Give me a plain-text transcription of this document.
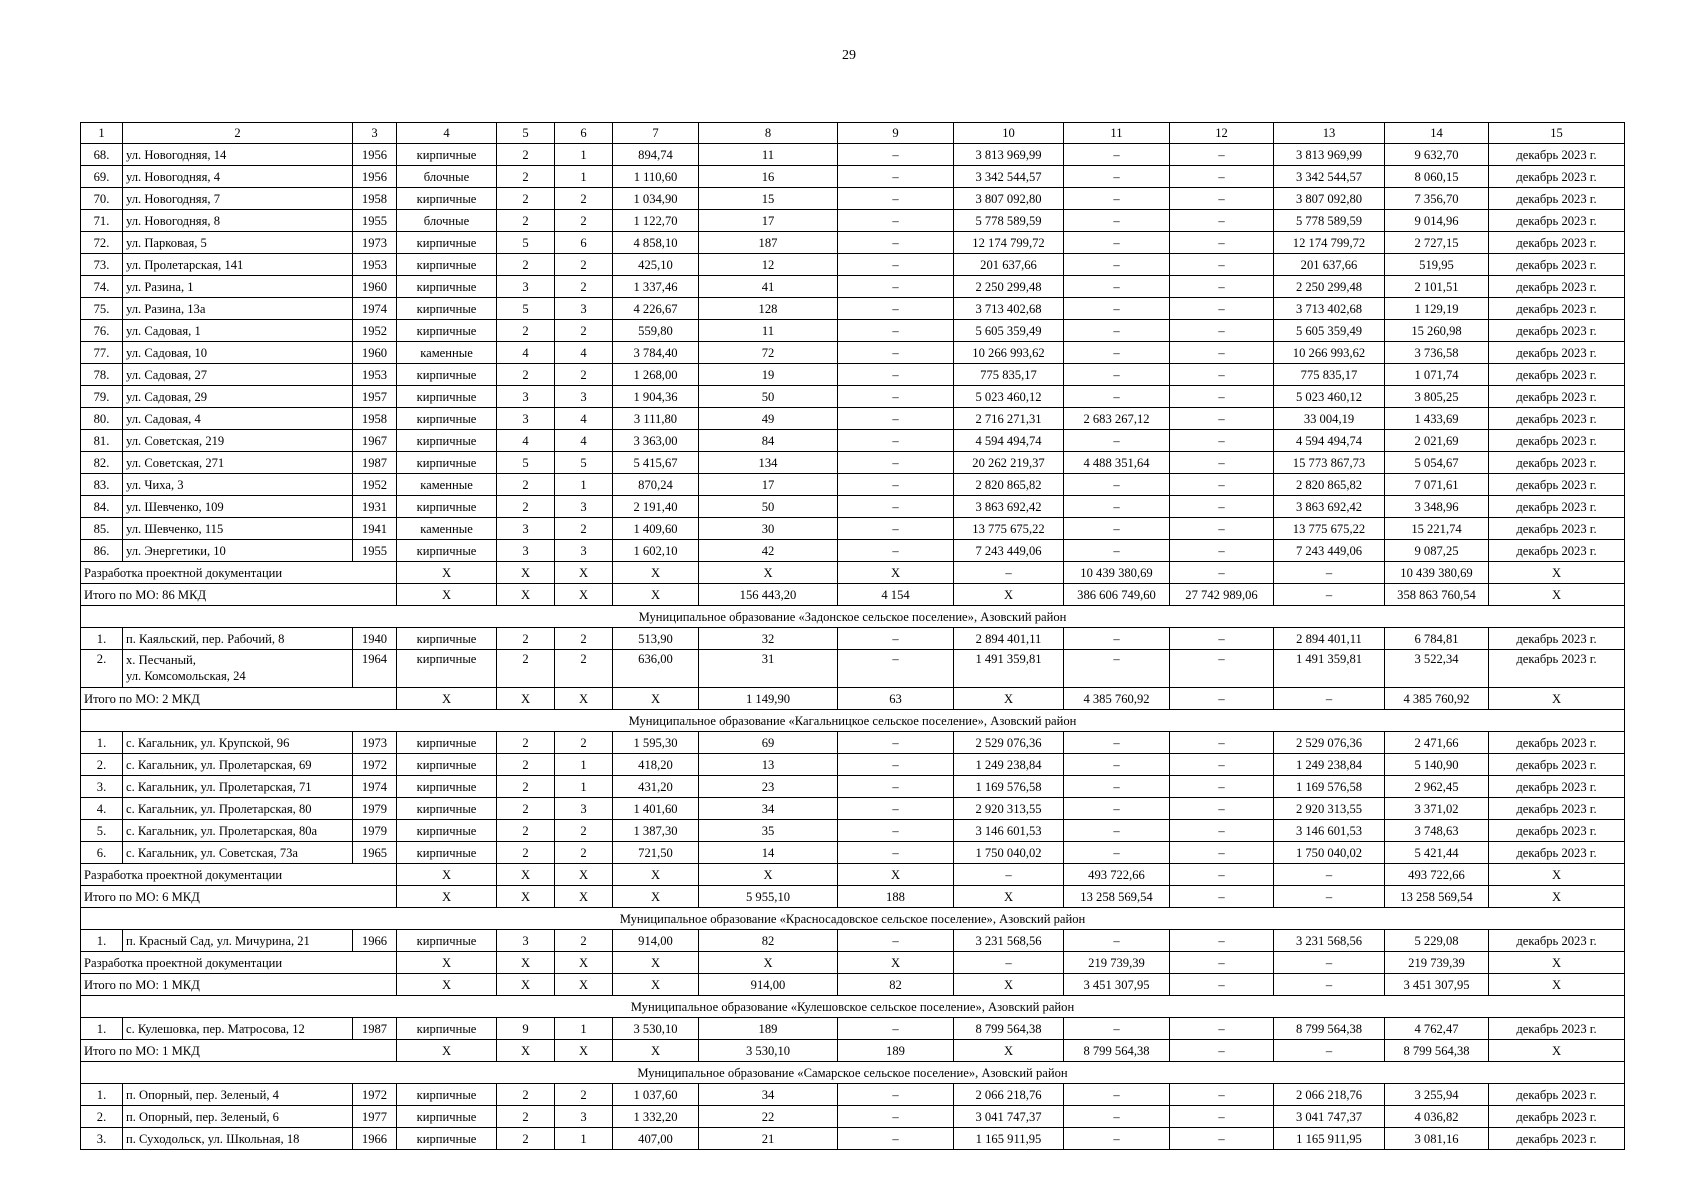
29
1	2	3	4	5	6	7	8	9	10	11	12	13	14	15	
68.	ул. Новогодняя, 14	1956	кирпичные	2	1	894,74	11	–	3 813 969,99	–	–	3 813 969,99	9 632,70	декабрь 2023 г.	
69.	ул. Новогодняя, 4	1956	блочные	2	1	1 110,60	16	–	3 342 544,57	–	–	3 342 544,57	8 060,15	декабрь 2023 г.	
70.	ул. Новогодняя, 7	1958	кирпичные	2	2	1 034,90	15	–	3 807 092,80	–	–	3 807 092,80	7 356,70	декабрь 2023 г.	
71.	ул. Новогодняя, 8	1955	блочные	2	2	1 122,70	17	–	5 778 589,59	–	–	5 778 589,59	9 014,96	декабрь 2023 г.	
72.	ул. Парковая, 5	1973	кирпичные	5	6	4 858,10	187	–	12 174 799,72	–	–	12 174 799,72	2 727,15	декабрь 2023 г.	
73.	ул. Пролетарская, 141	1953	кирпичные	2	2	425,10	12	–	201 637,66	–	–	201 637,66	519,95	декабрь 2023 г.	
74.	ул. Разина, 1	1960	кирпичные	3	2	1 337,46	41	–	2 250 299,48	–	–	2 250 299,48	2 101,51	декабрь 2023 г.	
75.	ул. Разина, 13а	1974	кирпичные	5	3	4 226,67	128	–	3 713 402,68	–	–	3 713 402,68	1 129,19	декабрь 2023 г.	
76.	ул. Садовая, 1	1952	кирпичные	2	2	559,80	11	–	5 605 359,49	–	–	5 605 359,49	15 260,98	декабрь 2023 г.	
77.	ул. Садовая, 10	1960	каменные	4	4	3 784,40	72	–	10 266 993,62	–	–	10 266 993,62	3 736,58	декабрь 2023 г.	
78.	ул. Садовая, 27	1953	кирпичные	2	2	1 268,00	19	–	775 835,17	–	–	775 835,17	1 071,74	декабрь 2023 г.	
79.	ул. Садовая, 29	1957	кирпичные	3	3	1 904,36	50	–	5 023 460,12	–	–	5 023 460,12	3 805,25	декабрь 2023 г.	
80.	ул. Садовая, 4	1958	кирпичные	3	4	3 111,80	49	–	2 716 271,31	2 683 267,12	–	33 004,19	1 433,69	декабрь 2023 г.	
81.	ул. Советская, 219	1967	кирпичные	4	4	3 363,00	84	–	4 594 494,74	–	–	4 594 494,74	2 021,69	декабрь 2023 г.	
82.	ул. Советская, 271	1987	кирпичные	5	5	5 415,67	134	–	20 262 219,37	4 488 351,64	–	15 773 867,73	5 054,67	декабрь 2023 г.	
83.	ул. Чиха, 3	1952	каменные	2	1	870,24	17	–	2 820 865,82	–	–	2 820 865,82	7 071,61	декабрь 2023 г.	
84.	ул. Шевченко, 109	1931	кирпичные	2	3	2 191,40	50	–	3 863 692,42	–	–	3 863 692,42	3 348,96	декабрь 2023 г.	
85.	ул. Шевченко, 115	1941	каменные	3	2	1 409,60	30	–	13 775 675,22	–	–	13 775 675,22	15 221,74	декабрь 2023 г.	
86.	ул. Энергетики, 10	1955	кирпичные	3	3	1 602,10	42	–	7 243 449,06	–	–	7 243 449,06	9 087,25	декабрь 2023 г.	
Разработка проектной документации			X	X	X	X	X	X	–	10 439 380,69	–	–	10 439 380,69	X	
Итого по МО: 86 МКД			X	X	X	X	156 443,20	4 154	X	386 606 749,60	27 742 989,06	–	358 863 760,54	X	
Муниципальное образование «Задонское сельское поселение», Азовский район															
1.	п. Каяльский, пер. Рабочий, 8	1940	кирпичные	2	2	513,90	32	–	2 894 401,11	–	–	2 894 401,11	6 784,81	декабрь 2023 г.	
2.	х. Песчаный,
ул. Комсомольская, 24	1964	кирпичные	2	2	636,00	31	–	1 491 359,81	–	–	1 491 359,81	3 522,34	декабрь 2023 г.	
Итого по МО: 2 МКД			X	X	X	X	1 149,90	63	X	4 385 760,92	–	–	4 385 760,92	X	
Муниципальное образование «Кагальницкое сельское поселение», Азовский район															
1.	с. Кагальник, ул. Крупской, 96	1973	кирпичные	2	2	1 595,30	69	–	2 529 076,36	–	–	2 529 076,36	2 471,66	декабрь 2023 г.	
2.	с. Кагальник, ул. Пролетарская, 69	1972	кирпичные	2	1	418,20	13	–	1 249 238,84	–	–	1 249 238,84	5 140,90	декабрь 2023 г.	
3.	с. Кагальник, ул. Пролетарская, 71	1974	кирпичные	2	1	431,20	23	–	1 169 576,58	–	–	1 169 576,58	2 962,45	декабрь 2023 г.	
4.	с. Кагальник, ул. Пролетарская, 80	1979	кирпичные	2	3	1 401,60	34	–	2 920 313,55	–	–	2 920 313,55	3 371,02	декабрь 2023 г.	
5.	с. Кагальник, ул. Пролетарская, 80а	1979	кирпичные	2	2	1 387,30	35	–	3 146 601,53	–	–	3 146 601,53	3 748,63	декабрь 2023 г.	
6.	с. Кагальник, ул. Советская, 73а	1965	кирпичные	2	2	721,50	14	–	1 750 040,02	–	–	1 750 040,02	5 421,44	декабрь 2023 г.	
Разработка проектной документации			X	X	X	X	X	X	–	493 722,66	–	–	493 722,66	X	
Итого по МО: 6 МКД			X	X	X	X	5 955,10	188	X	13 258 569,54	–	–	13 258 569,54	X	
Муниципальное образование «Красносадовское сельское поселение», Азовский район															
1.	п. Красный Сад, ул. Мичурина, 21	1966	кирпичные	3	2	914,00	82	–	3 231 568,56	–	–	3 231 568,56	5 229,08	декабрь 2023 г.	
Разработка проектной документации			X	X	X	X	X	X	–	219 739,39	–	–	219 739,39	X	
Итого по МО: 1 МКД			X	X	X	X	914,00	82	X	3 451 307,95	–	–	3 451 307,95	X	
Муниципальное образование «Кулешовское сельское поселение», Азовский район															
1.	с. Кулешовка, пер. Матросова, 12	1987	кирпичные	9	1	3 530,10	189	–	8 799 564,38	–	–	8 799 564,38	4 762,47	декабрь 2023 г.	
Итого по МО: 1 МКД			X	X	X	X	3 530,10	189	X	8 799 564,38	–	–	8 799 564,38	X	
Муниципальное образование «Самарское сельское поселение», Азовский район															
1.	п. Опорный, пер. Зеленый, 4	1972	кирпичные	2	2	1 037,60	34	–	2 066 218,76	–	–	2 066 218,76	3 255,94	декабрь 2023 г.	
2.	п. Опорный, пер. Зеленый, 6	1977	кирпичные	2	3	1 332,20	22	–	3 041 747,37	–	–	3 041 747,37	4 036,82	декабрь 2023 г.	
3.	п. Суходольск, ул. Школьная, 18	1966	кирпичные	2	1	407,00	21	–	1 165 911,95	–	–	1 165 911,95	3 081,16	декабрь 2023 г.	
